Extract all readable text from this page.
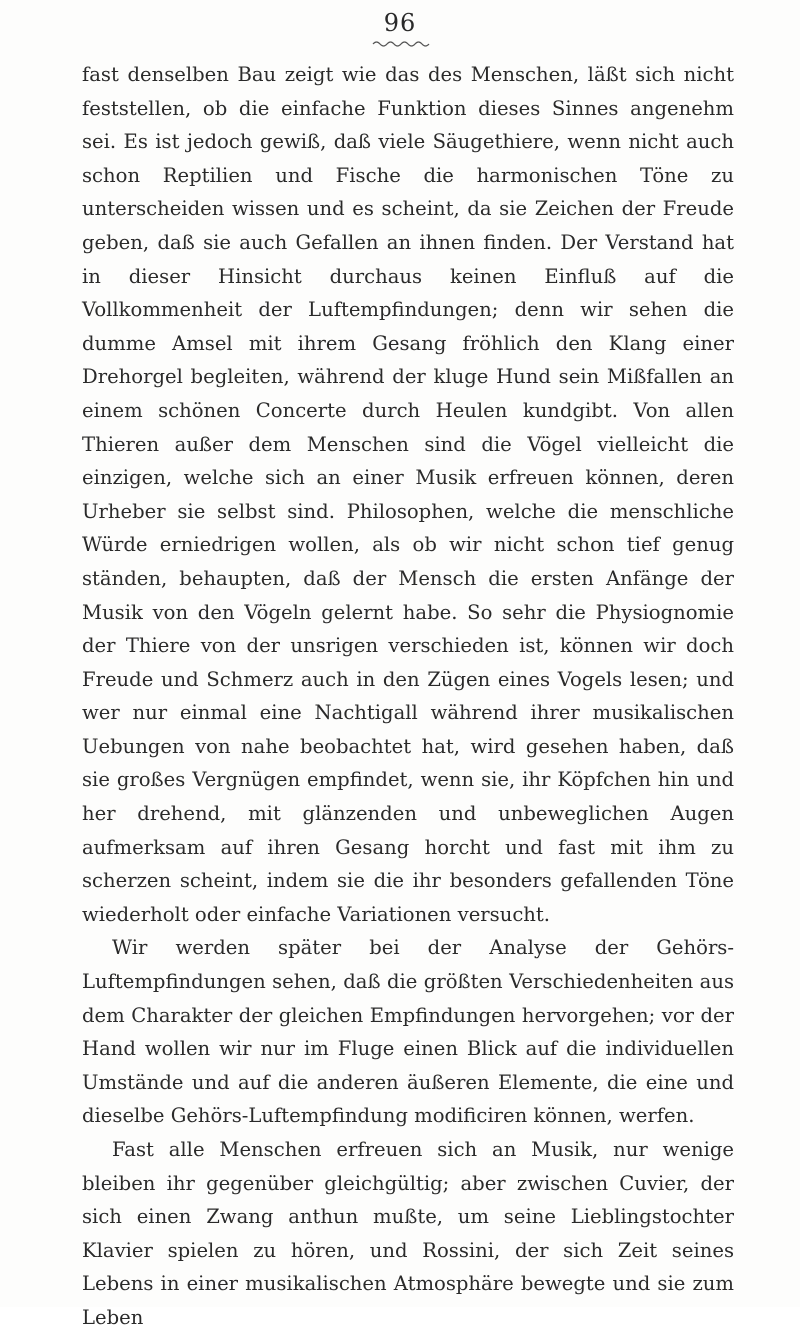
96

fast denselben Bau zeigt wie das des Menschen, läßt sich nicht feststellen, ob die einfache Funktion dieses Sinnes angenehm sei. Es ist jedoch gewiß, daß viele Säugethiere, wenn nicht auch schon Reptilien und Fische die harmonischen Töne zu unterscheiden wissen und es scheint, da sie Zeichen der Freude geben, daß sie auch Gefallen an ihnen finden. Der Verstand hat in dieser Hinsicht durchaus keinen Einfluß auf die Vollkommenheit der Luftempfindungen; denn wir sehen die dumme Amsel mit ihrem Gesang fröhlich den Klang einer Drehorgel begleiten, während der kluge Hund sein Mißfallen an einem schönen Concerte durch Heulen kundgibt. Von allen Thieren außer dem Menschen sind die Vögel vielleicht die einzigen, welche sich an einer Musik erfreuen können, deren Urheber sie selbst sind. Philosophen, welche die menschliche Würde erniedrigen wollen, als ob wir nicht schon tief genug ständen, behaupten, daß der Mensch die ersten Anfänge der Musik von den Vögeln gelernt habe. So sehr die Physiognomie der Thiere von der unsrigen verschieden ist, können wir doch Freude und Schmerz auch in den Zügen eines Vogels lesen; und wer nur einmal eine Nachtigall während ihrer musikalischen Uebungen von nahe beobachtet hat, wird gesehen haben, daß sie großes Vergnügen empfindet, wenn sie, ihr Köpfchen hin und her drehend, mit glänzenden und unbeweglichen Augen aufmerksam auf ihren Gesang horcht und fast mit ihm zu scherzen scheint, indem sie die ihr besonders gefallenden Töne wiederholt oder einfache Variationen versucht.

Wir werden später bei der Analyse der Gehörs-Luftempfindungen sehen, daß die größten Verschiedenheiten aus dem Charakter der gleichen Empfindungen hervorgehen; vor der Hand wollen wir nur im Fluge einen Blick auf die individuellen Umstände und auf die anderen äußeren Elemente, die eine und dieselbe Gehörs-Luftempfindung modificiren können, werfen.

Fast alle Menschen erfreuen sich an Musik, nur wenige bleiben ihr gegenüber gleichgültig; aber zwischen Cuvier, der sich einen Zwang anthun mußte, um seine Lieblingstochter Klavier spielen zu hören, und Rossini, der sich Zeit seines Lebens in einer musikalischen Atmosphäre bewegte und sie zum Leben
